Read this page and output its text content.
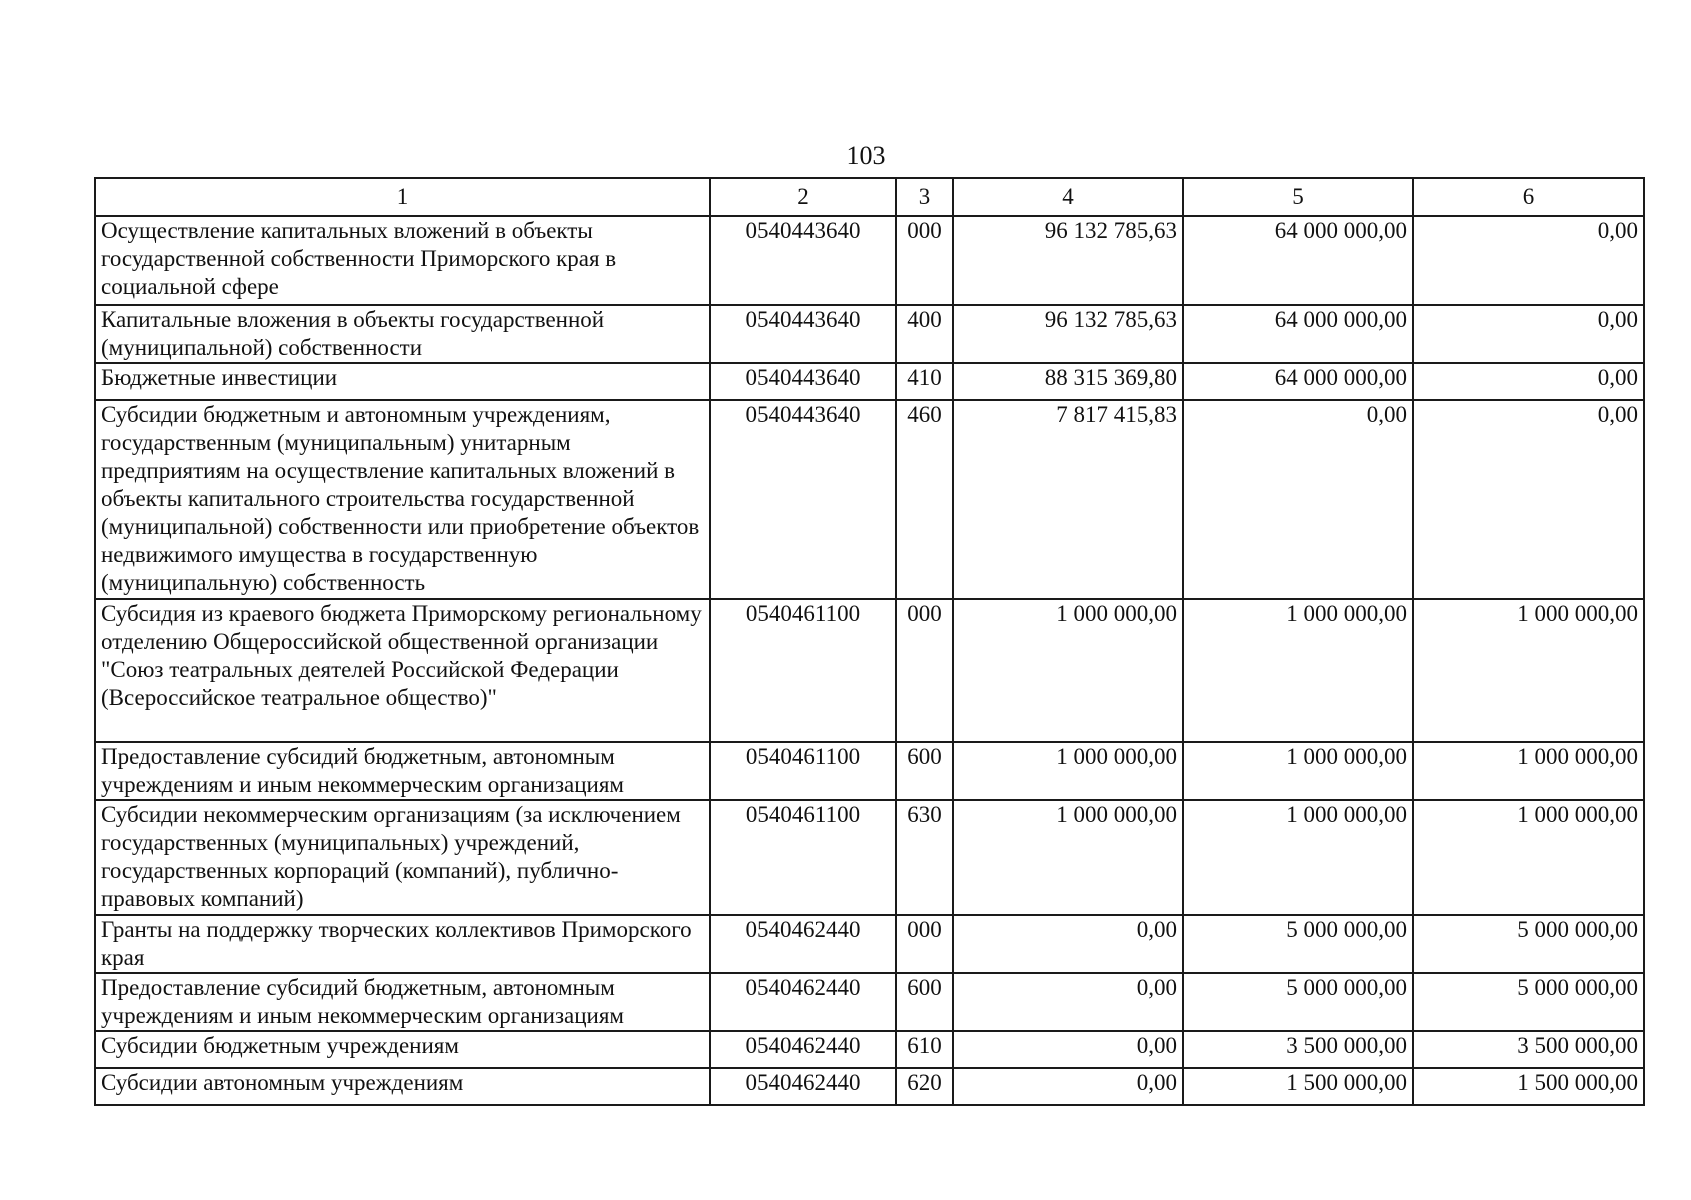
103
1	2	3	4	5	6
Осуществление капитальных вложений в объекты государственной собственности Приморского края в социальной сфере	0540443640	000	96 132 785,63	64 000 000,00	0,00
Капитальные вложения в объекты государственной (муниципальной) собственности	0540443640	400	96 132 785,63	64 000 000,00	0,00
Бюджетные инвестиции	0540443640	410	88 315 369,80	64 000 000,00	0,00
Субсидии бюджетным и автономным учреждениям, государственным (муниципальным) унитарным предприятиям на осуществление капитальных вложений в объекты капитального строительства государственной (муниципальной) собственности или приобретение объектов недвижимого имущества в государственную (муниципальную) собственность	0540443640	460	7 817 415,83	0,00	0,00
Субсидия из краевого бюджета Приморскому региональному отделению Общероссийской общественной организации "Союз театральных деятелей Российской Федерации (Всероссийское театральное общество)"	0540461100	000	1 000 000,00	1 000 000,00	1 000 000,00
Предоставление субсидий бюджетным, автономным учреждениям и иным некоммерческим организациям	0540461100	600	1 000 000,00	1 000 000,00	1 000 000,00
Субсидии некоммерческим организациям (за исключением государственных (муниципальных) учреждений, государственных корпораций (компаний), публично-правовых компаний)	0540461100	630	1 000 000,00	1 000 000,00	1 000 000,00
Гранты на поддержку творческих коллективов Приморского края	0540462440	000	0,00	5 000 000,00	5 000 000,00
Предоставление субсидий бюджетным, автономным учреждениям и иным некоммерческим организациям	0540462440	600	0,00	5 000 000,00	5 000 000,00
Субсидии бюджетным учреждениям	0540462440	610	0,00	3 500 000,00	3 500 000,00
Субсидии автономным учреждениям	0540462440	620	0,00	1 500 000,00	1 500 000,00
